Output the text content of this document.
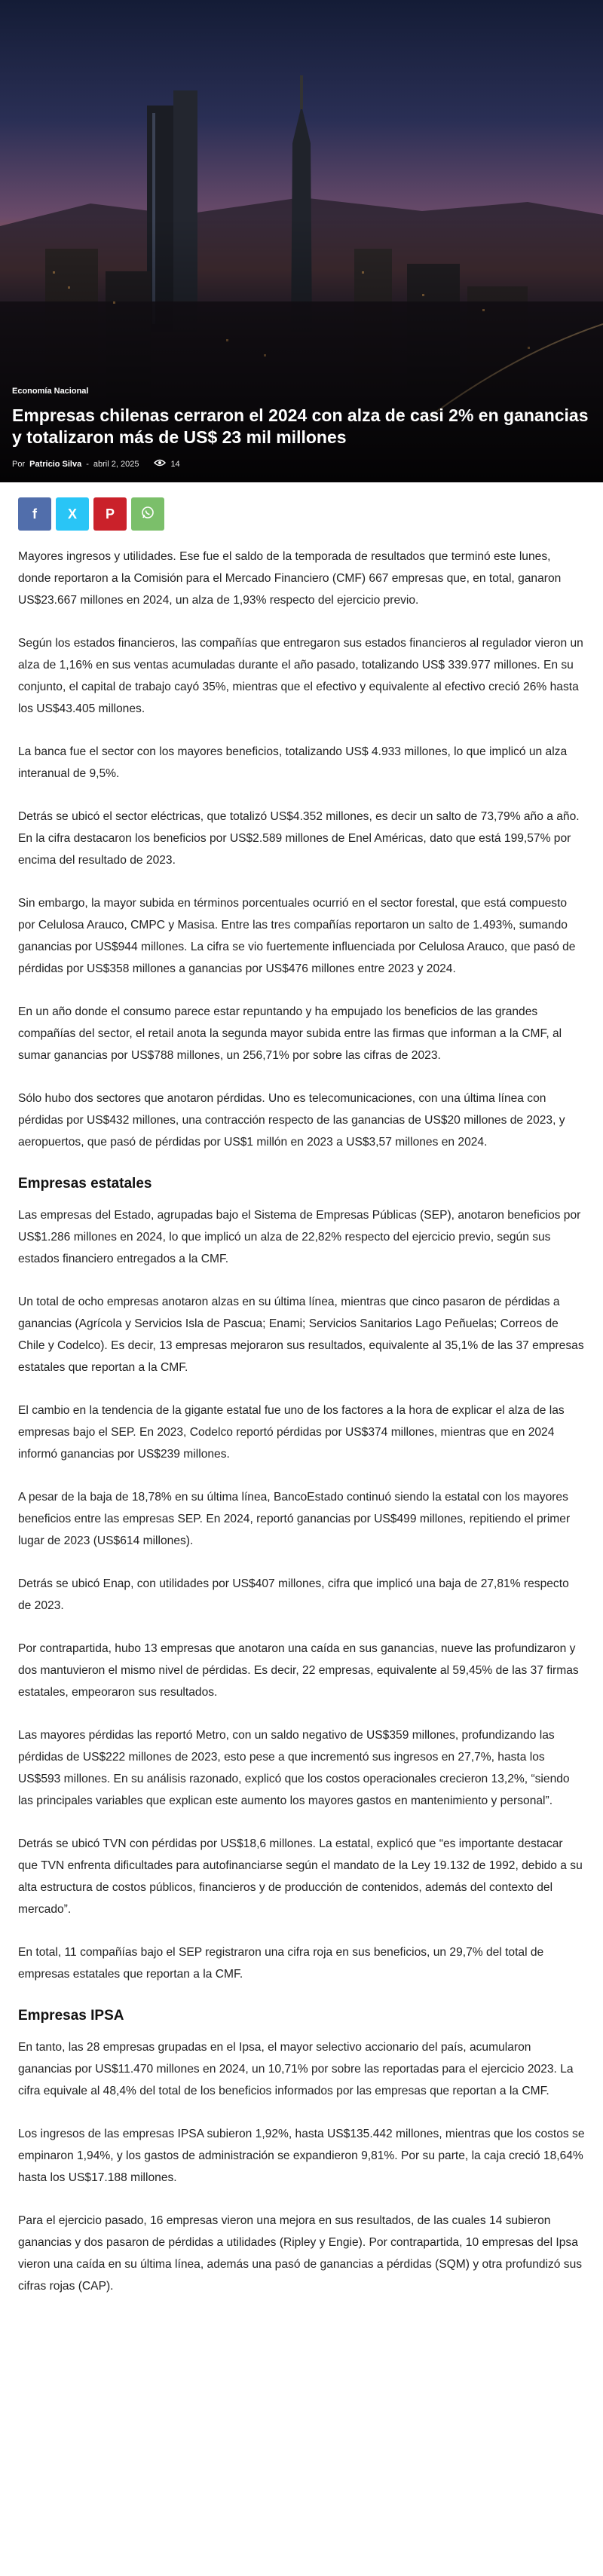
Economía Nacional
Empresas chilenas cerraron el 2024 con alza de casi 2% en ganancias y totalizaron más de US$ 23 mil millones
Por Patricio Silva - abril 2, 2025	14
f X P

Mayores ingresos y utilidades. Ese fue el saldo de la temporada de resultados que terminó este lunes, donde reportaron a la Comisión para el Mercado Financiero (CMF) 667 empresas que, en total, ganaron US$23.667 millones en 2024, un alza de 1,93% respecto del ejercicio previo.

Según los estados financieros, las compañías que entregaron sus estados financieros al regulador vieron un alza de 1,16% en sus ventas acumuladas durante el año pasado, totalizando US$ 339.977 millones. En su conjunto, el capital de trabajo cayó 35%, mientras que el efectivo y equivalente al efectivo creció 26% hasta los US$43.405 millones.

La banca fue el sector con los mayores beneficios, totalizando US$ 4.933 millones, lo que implicó un alza interanual de 9,5%.

Detrás se ubicó el sector eléctricas, que totalizó US$4.352 millones, es decir un salto de 73,79% año a año. En la cifra destacaron los beneficios por US$2.589 millones de Enel Américas, dato que está 199,57% por encima del resultado de 2023.

Sin embargo, la mayor subida en términos porcentuales ocurrió en el sector forestal, que está compuesto por Celulosa Arauco, CMPC y Masisa. Entre las tres compañías reportaron un salto de 1.493%, sumando ganancias por US$944 millones. La cifra se vio fuertemente influenciada por Celulosa Arauco, que pasó de pérdidas por US$358 millones a ganancias por US$476 millones entre 2023 y 2024.

En un año donde el consumo parece estar repuntando y ha empujado los beneficios de las grandes compañías del sector, el retail anota la segunda mayor subida entre las firmas que informan a la CMF, al sumar ganancias por US$788 millones, un 256,71% por sobre las cifras de 2023.

Sólo hubo dos sectores que anotaron pérdidas. Uno es telecomunicaciones, con una última línea con pérdidas por US$432 millones, una contracción respecto de las ganancias de US$20 millones de 2023, y aeropuertos, que pasó de pérdidas por US$1 millón en 2023 a US$3,57 millones en 2024.

Empresas estatales

Las empresas del Estado, agrupadas bajo el Sistema de Empresas Públicas (SEP), anotaron beneficios por US$1.286 millones en 2024, lo que implicó un alza de 22,82% respecto del ejercicio previo, según sus estados financiero entregados a la CMF.

Un total de ocho empresas anotaron alzas en su última línea, mientras que cinco pasaron de pérdidas a ganancias (Agrícola y Servicios Isla de Pascua; Enami; Servicios Sanitarios Lago Peñuelas; Correos de Chile y Codelco). Es decir, 13 empresas mejoraron sus resultados, equivalente al 35,1% de las 37 empresas estatales que reportan a la CMF.

El cambio en la tendencia de la gigante estatal fue uno de los factores a la hora de explicar el alza de las empresas bajo el SEP. En 2023, Codelco reportó pérdidas por US$374 millones, mientras que en 2024 informó ganancias por US$239 millones.

A pesar de la baja de 18,78% en su última línea, BancoEstado continuó siendo la estatal con los mayores beneficios entre las empresas SEP. En 2024, reportó ganancias por US$499 millones, repitiendo el primer lugar de 2023 (US$614 millones).

Detrás se ubicó Enap, con utilidades por US$407 millones, cifra que implicó una baja de 27,81% respecto de 2023.

Por contrapartida, hubo 13 empresas que anotaron una caída en sus ganancias, nueve las profundizaron y dos mantuvieron el mismo nivel de pérdidas. Es decir, 22 empresas, equivalente al 59,45% de las 37 firmas estatales, empeoraron sus resultados.

Las mayores pérdidas las reportó Metro, con un saldo negativo de US$359 millones, profundizando las pérdidas de US$222 millones de 2023, esto pese a que incrementó sus ingresos en 27,7%, hasta los US$593 millones. En su análisis razonado, explicó que los costos operacionales crecieron 13,2%, “siendo las principales variables que explican este aumento los mayores gastos en mantenimiento y personal”.

Detrás se ubicó TVN con pérdidas por US$18,6 millones. La estatal, explicó que “es importante destacar que TVN enfrenta dificultades para autofinanciarse según el mandato de la Ley 19.132 de 1992, debido a su alta estructura de costos públicos, financieros y de producción de contenidos, además del contexto del mercado”.

En total, 11 compañías bajo el SEP registraron una cifra roja en sus beneficios, un 29,7% del total de empresas estatales que reportan a la CMF.

Empresas IPSA

En tanto, las 28 empresas grupadas en el Ipsa, el mayor selectivo accionario del país, acumularon ganancias por US$11.470 millones en 2024, un 10,71% por sobre las reportadas para el ejercicio 2023. La cifra equivale al 48,4% del total de los beneficios informados por las empresas que reportan a la CMF.

Los ingresos de las empresas IPSA subieron 1,92%, hasta US$135.442 millones, mientras que los costos se empinaron 1,94%, y los gastos de administración se expandieron 9,81%. Por su parte, la caja creció 18,64% hasta los US$17.188 millones.

Para el ejercicio pasado, 16 empresas vieron una mejora en sus resultados, de las cuales 14 subieron ganancias y dos pasaron de pérdidas a utilidades (Ripley y Engie). Por contrapartida, 10 empresas del Ipsa vieron una caída en su última línea, además una pasó de ganancias a pérdidas (SQM) y otra profundizó sus cifras rojas (CAP).
